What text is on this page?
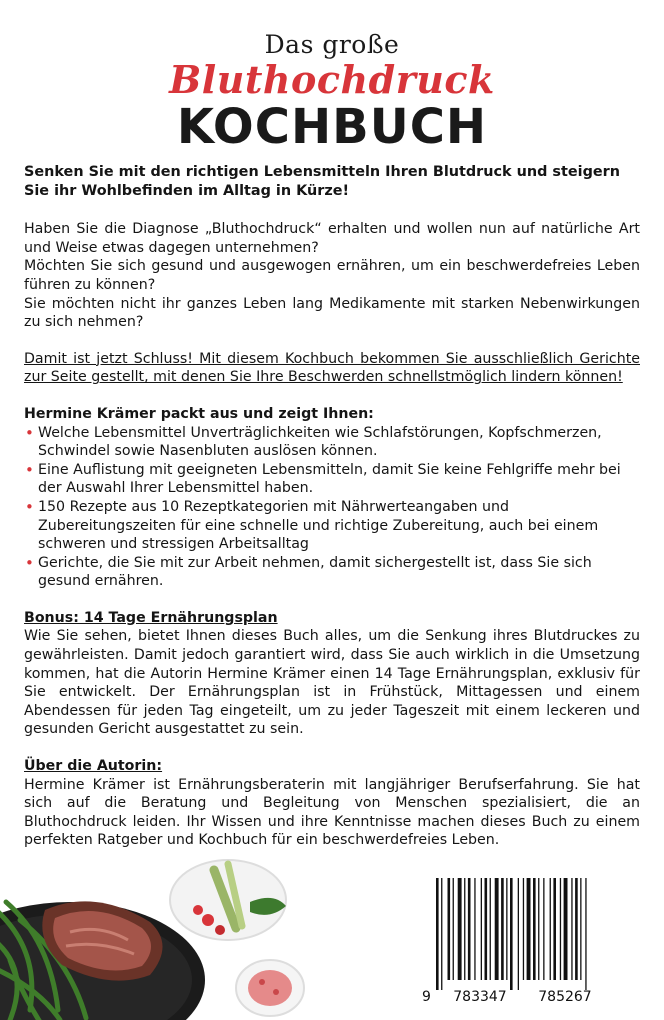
Das große
Bluthochdruck
KOCHBUCH

Senken Sie mit den richtigen Lebensmitteln Ihren Blutdruck und steigern Sie ihr Wohlbefinden im Alltag in Kürze!

Haben Sie die Diagnose „Bluthochdruck“ erhalten und wollen nun auf natürliche Art und Weise etwas dagegen unternehmen?

Möchten Sie sich gesund und ausgewogen ernähren, um ein beschwerdefreies Leben führen zu können?

Sie möchten nicht ihr ganzes Leben lang Medikamente mit starken Nebenwirkungen zu sich nehmen?

Damit ist jetzt Schluss! Mit diesem Kochbuch bekommen Sie ausschließlich Gerichte zur Seite gestellt, mit denen Sie Ihre Beschwerden schnellstmöglich lindern können!

Hermine Krämer packt aus und zeigt Ihnen:

• Welche Lebensmittel Unverträglichkeiten wie Schlafstörungen, Kopfschmerzen, Schwindel sowie Nasenbluten auslösen können.
• Eine Auflistung mit geeigneten Lebensmitteln, damit Sie keine Fehlgriffe mehr bei der Auswahl Ihrer Lebensmittel haben.
• 150 Rezepte aus 10 Rezeptkategorien mit Nährwerteangaben und Zubereitungszeiten für eine schnelle und richtige Zubereitung, auch bei einem schweren und stressigen Arbeitsalltag
• Gerichte, die Sie mit zur Arbeit nehmen, damit sichergestellt ist, dass Sie sich gesund ernähren.

Bonus: 14 Tage Ernährungsplan

Wie Sie sehen, bietet Ihnen dieses Buch alles, um die Senkung ihres Blutdruckes zu gewährleisten. Damit jedoch garantiert wird, dass Sie auch wirklich in die Umsetzung kommen, hat die Autorin Hermine Krämer einen 14 Tage Ernährungsplan, exklusiv für Sie entwickelt. Der Ernährungsplan ist in Frühstück, Mittagessen und einem Abendessen für jeden Tag eingeteilt, um zu jeder Tageszeit mit einem leckeren und gesunden Gericht ausgestattet zu sein.

Über die Autorin:

Hermine Krämer ist Ernährungsberaterin mit langjähriger Berufserfahrung. Sie hat sich auf die Beratung und Begleitung von Menschen spezialisiert, die an Bluthochdruck leiden. Ihr Wissen und ihre Kenntnisse machen dieses Buch zu einem perfekten Ratgeber und Kochbuch für ein beschwerdefreies Leben.

9 783347 785267
